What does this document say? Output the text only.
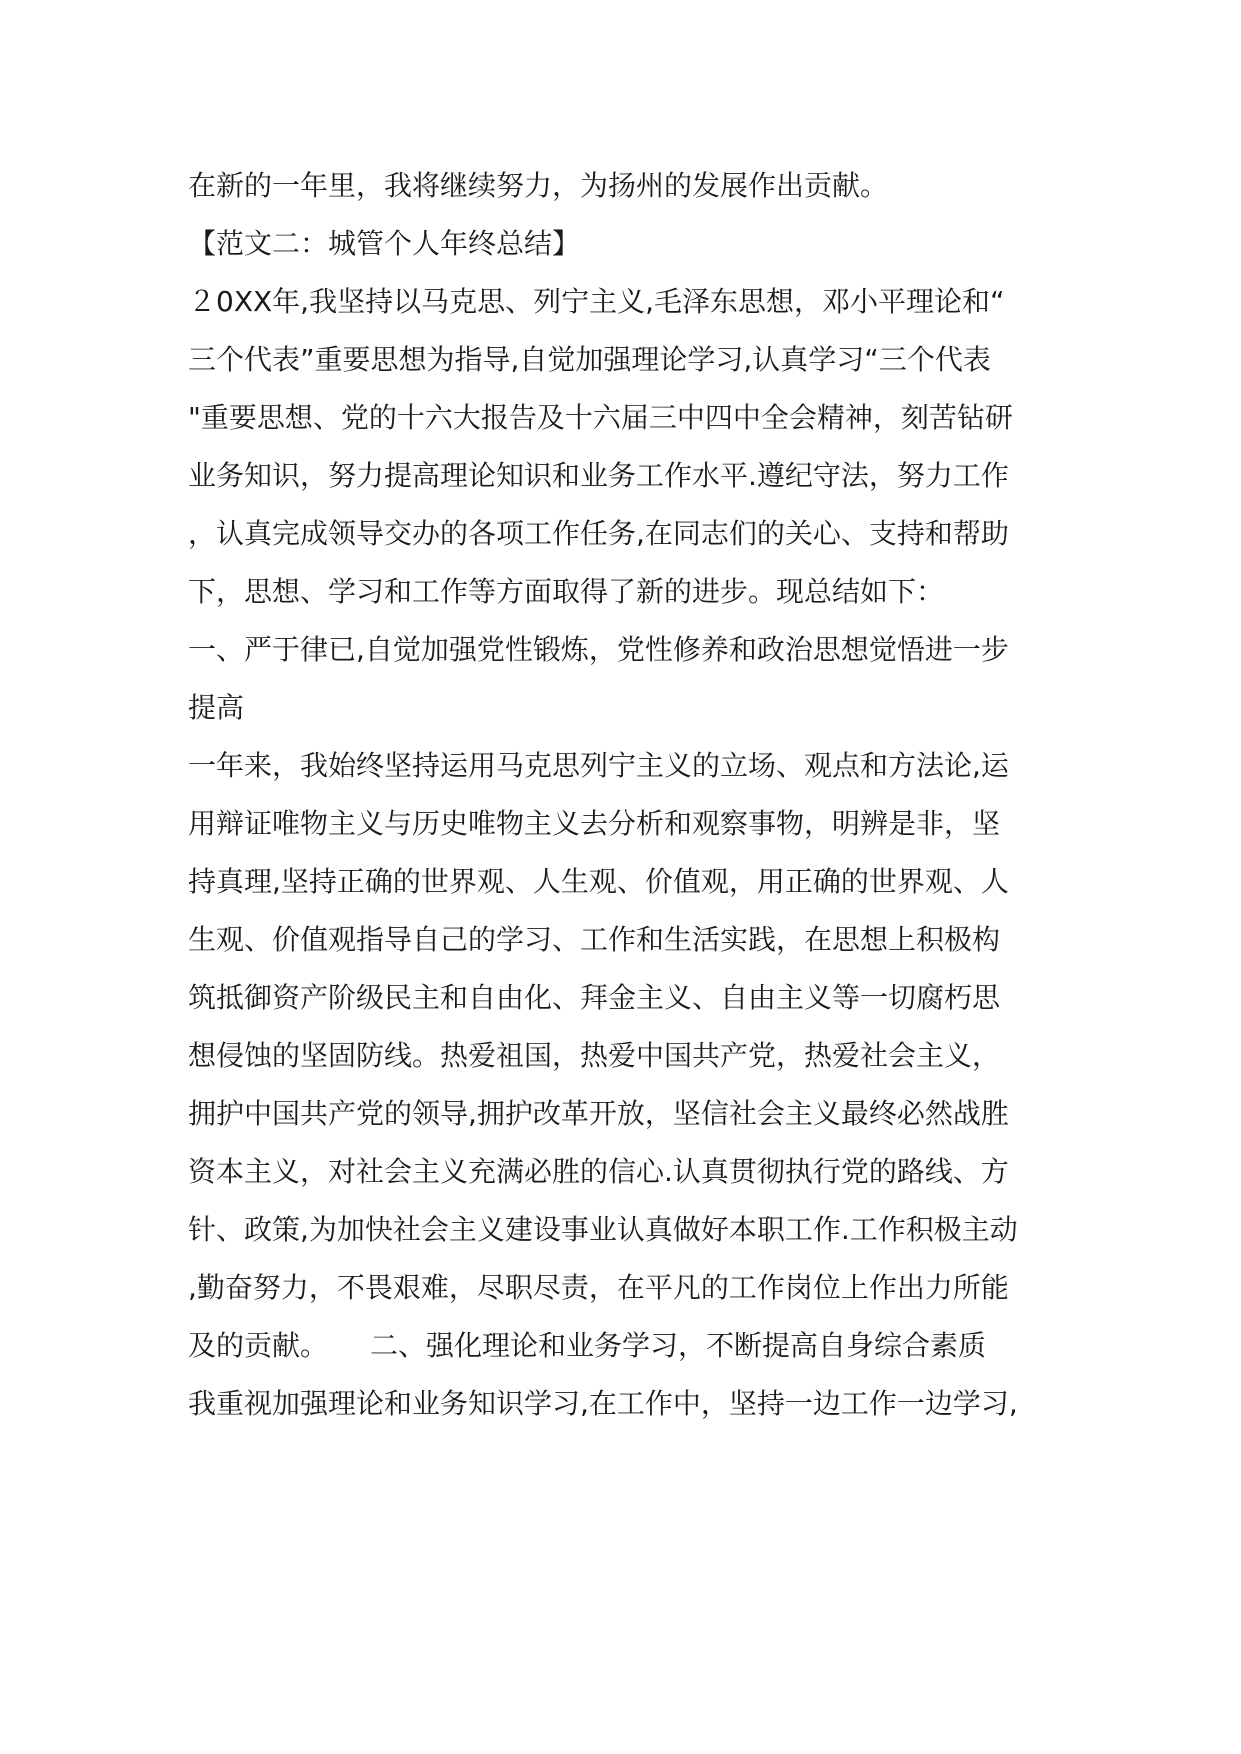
在新的一年里，我将继续努力，为扬州的发展作出贡献。
【范文二：城管个人年终总结】
２0XX年,我坚持以马克思、列宁主义,毛泽东思想，邓小平理论和“
三个代表”重要思想为指导,自觉加强理论学习,认真学习“三个代表
"重要思想、党的十六大报告及十六届三中四中全会精神，刻苦钻研
业务知识，努力提高理论知识和业务工作水平.遵纪守法，努力工作
，认真完成领导交办的各项工作任务,在同志们的关心、支持和帮助
下，思想、学习和工作等方面取得了新的进步。现总结如下：
一、严于律已,自觉加强党性锻炼，党性修养和政治思想觉悟进一步
提高
一年来，我始终坚持运用马克思列宁主义的立场、观点和方法论,运
用辩证唯物主义与历史唯物主义去分析和观察事物，明辨是非，坚
持真理,坚持正确的世界观、人生观、价值观，用正确的世界观、人
生观、价值观指导自己的学习、工作和生活实践，在思想上积极构
筑抵御资产阶级民主和自由化、拜金主义、自由主义等一切腐朽思
想侵蚀的坚固防线。热爱祖国，热爱中国共产党，热爱社会主义，
拥护中国共产党的领导,拥护改革开放，坚信社会主义最终必然战胜
资本主义，对社会主义充满必胜的信心.认真贯彻执行党的路线、方
针、政策,为加快社会主义建设事业认真做好本职工作.工作积极主动
,勤奋努力，不畏艰难，尽职尽责，在平凡的工作岗位上作出力所能
及的贡献。　　二、强化理论和业务学习，不断提高自身综合素质
我重视加强理论和业务知识学习,在工作中，坚持一边工作一边学习,
